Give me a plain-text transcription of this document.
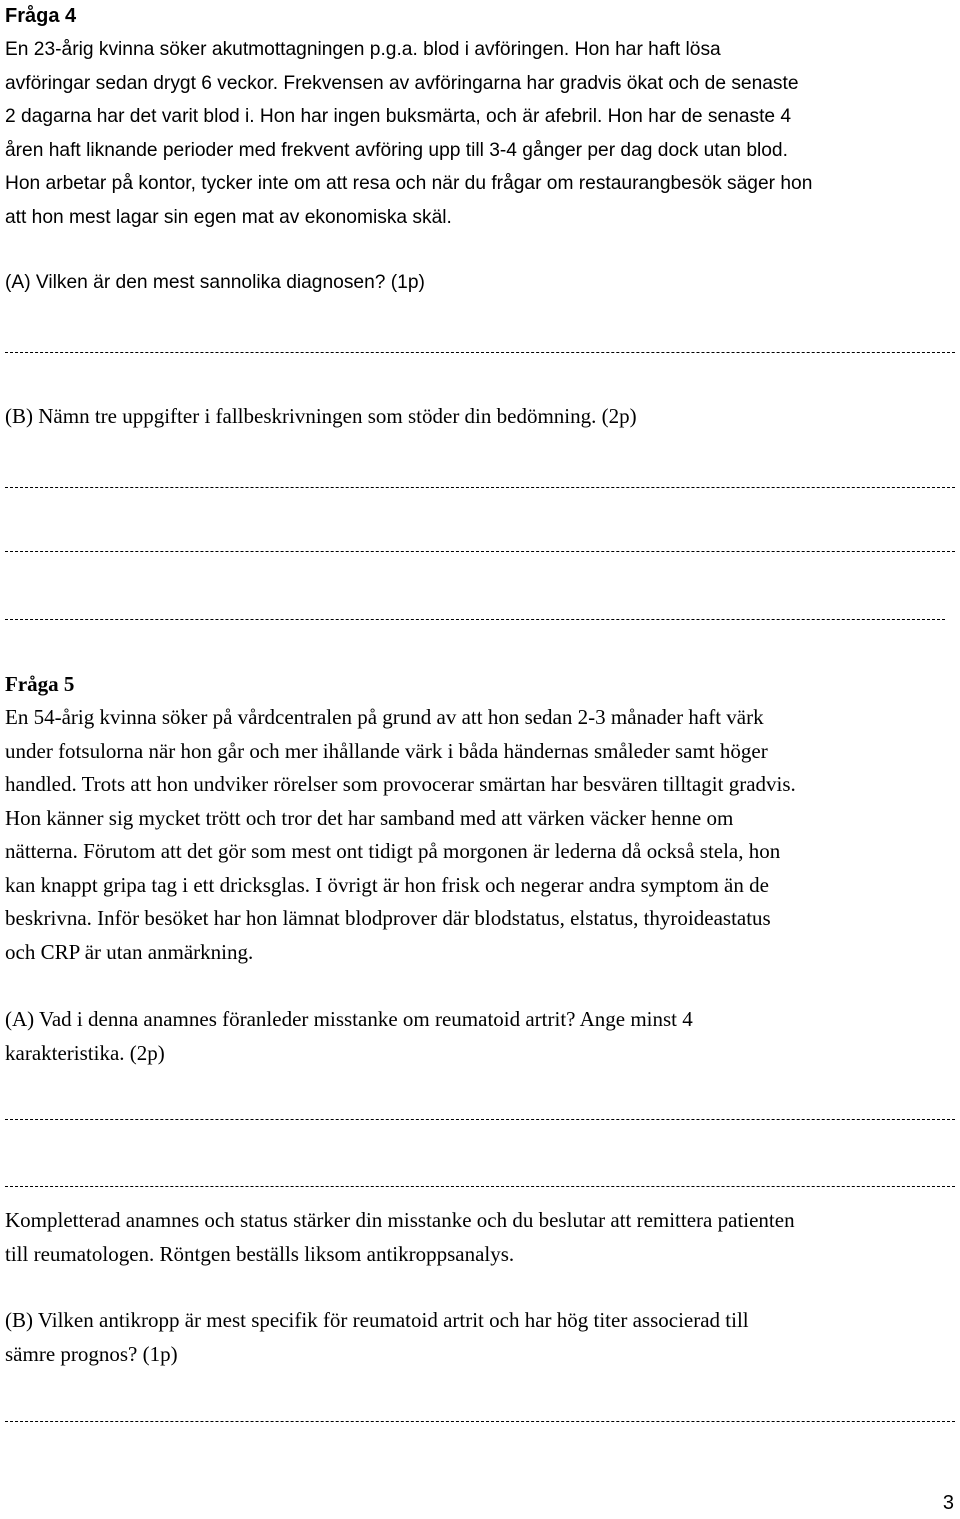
Fråga 4

En 23-årig kvinna söker akutmottagningen p.g.a. blod i avföringen. Hon har haft lösa

avföringar sedan drygt 6 veckor. Frekvensen av avföringarna har gradvis ökat och de senaste

2 dagarna har det varit blod i. Hon har ingen buksmärta, och är afebril. Hon har de senaste 4

åren haft liknande perioder med frekvent avföring upp till 3-4 gånger per dag dock utan blod.

Hon arbetar på kontor, tycker inte om att resa och när du frågar om restaurangbesök säger hon

att hon mest lagar sin egen mat av ekonomiska skäl.

(A) Vilken är den mest sannolika diagnosen? (1p)

(B) Nämn tre uppgifter i fallbeskrivningen som stöder din bedömning. (2p)

Fråga 5

En 54-årig kvinna söker på vårdcentralen på grund av att hon sedan 2-3 månader haft värk

under fotsulorna när hon går och mer ihållande värk i båda händernas småleder samt höger

handled. Trots att hon undviker rörelser som provocerar smärtan har besvären tilltagit gradvis.

Hon känner sig mycket trött och tror det har samband med att värken väcker henne om

nätterna. Förutom att det gör som mest ont tidigt på morgonen är lederna då också stela, hon

kan knappt gripa tag i ett dricksglas. I övrigt är hon frisk och negerar andra symptom än de

beskrivna. Inför besöket har hon lämnat blodprover där blodstatus, elstatus, thyroideastatus

och CRP är utan anmärkning.

(A) Vad i denna anamnes föranleder misstanke om reumatoid artrit? Ange minst 4

karakteristika. (2p)

Kompletterad anamnes och status stärker din misstanke och du beslutar att remittera patienten

till reumatologen. Röntgen beställs liksom antikroppsanalys.

(B) Vilken antikropp är mest specifik för reumatoid artrit och har hög titer associerad till

sämre prognos? (1p)

3
